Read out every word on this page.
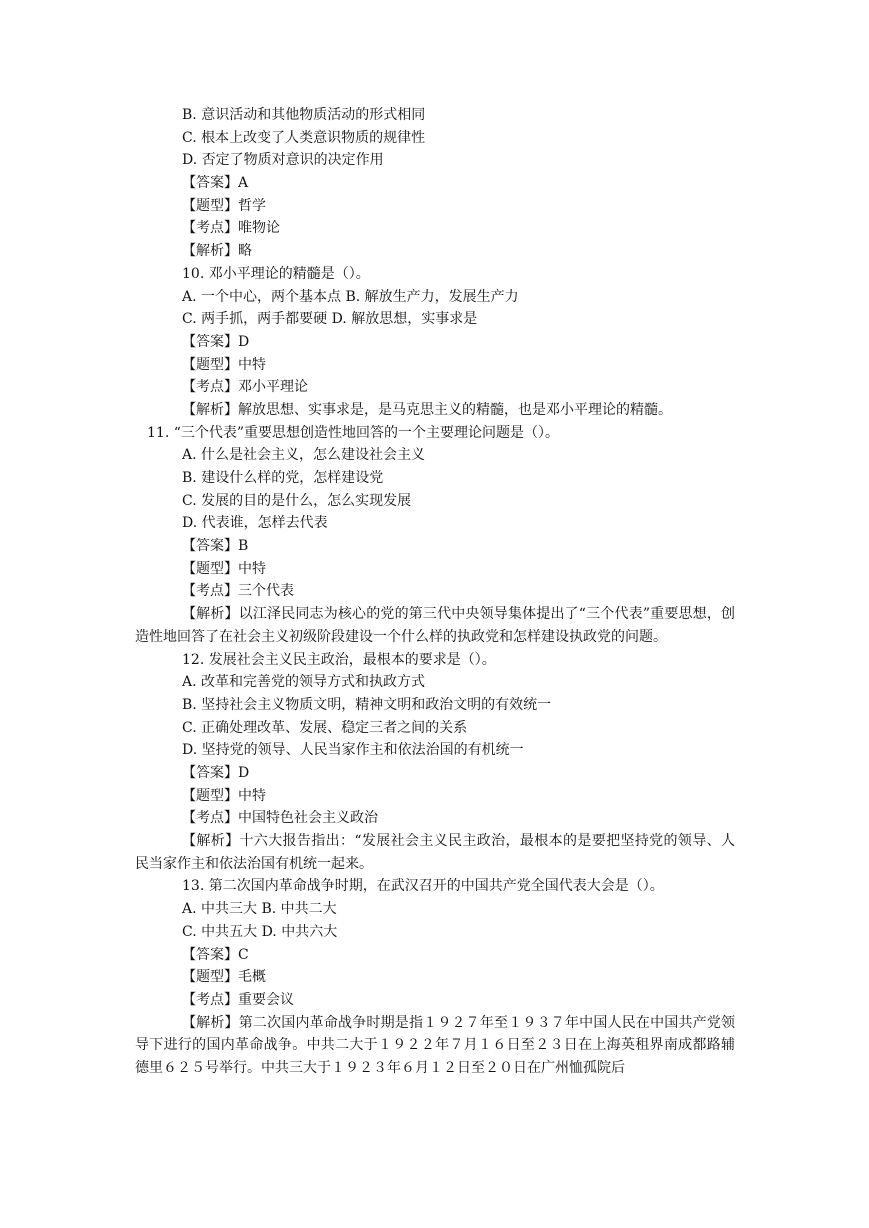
B. 意识活动和其他物质活动的形式相同
C. 根本上改变了人类意识物质的规律性
D. 否定了物质对意识的决定作用
【答案】A
【题型】哲学
【考点】唯物论
【解析】略
10. 邓小平理论的精髓是（）。
A. 一个中心，两个基本点 B. 解放生产力，发展生产力
C. 两手抓，两手都要硬 D. 解放思想，实事求是
【答案】D
【题型】中特
【考点】邓小平理论
【解析】解放思想、实事求是，是马克思主义的精髓，也是邓小平理论的精髓。
11. “三个代表”重要思想创造性地回答的一个主要理论问题是（）。
A. 什么是社会主义，怎么建设社会主义
B. 建设什么样的党，怎样建设党
C. 发展的目的是什么，怎么实现发展
D. 代表谁，怎样去代表
【答案】B
【题型】中特
【考点】三个代表
【解析】以江泽民同志为核心的党的第三代中央领导集体提出了“三个代表”重要思想，创造性地回答了在社会主义初级阶段建设一个什么样的执政党和怎样建设执政党的问题。
12. 发展社会主义民主政治，最根本的要求是（）。
A. 改革和完善党的领导方式和执政方式
B. 坚持社会主义物质文明，精神文明和政治文明的有效统一
C. 正确处理改革、发展、稳定三者之间的关系
D. 坚持党的领导、人民当家作主和依法治国的有机统一
【答案】D
【题型】中特
【考点】中国特色社会主义政治
【解析】十六大报告指出：“发展社会主义民主政治，最根本的是要把坚持党的领导、人民当家作主和依法治国有机统一起来。
13. 第二次国内革命战争时期，在武汉召开的中国共产党全国代表大会是（）。
A. 中共三大 B. 中共二大
C. 中共五大 D. 中共六大
【答案】C
【题型】毛概
【考点】重要会议
【解析】第二次国内革命战争时期是指１９２７年至１９３７年中国人民在中国共产党领导下进行的国内革命战争。中共二大于１９２２年７月１６日至２３日在上海英租界南成都路辅德里６２５号举行。中共三大于１９２３年６月１２日至２０日在广州恤孤院后
